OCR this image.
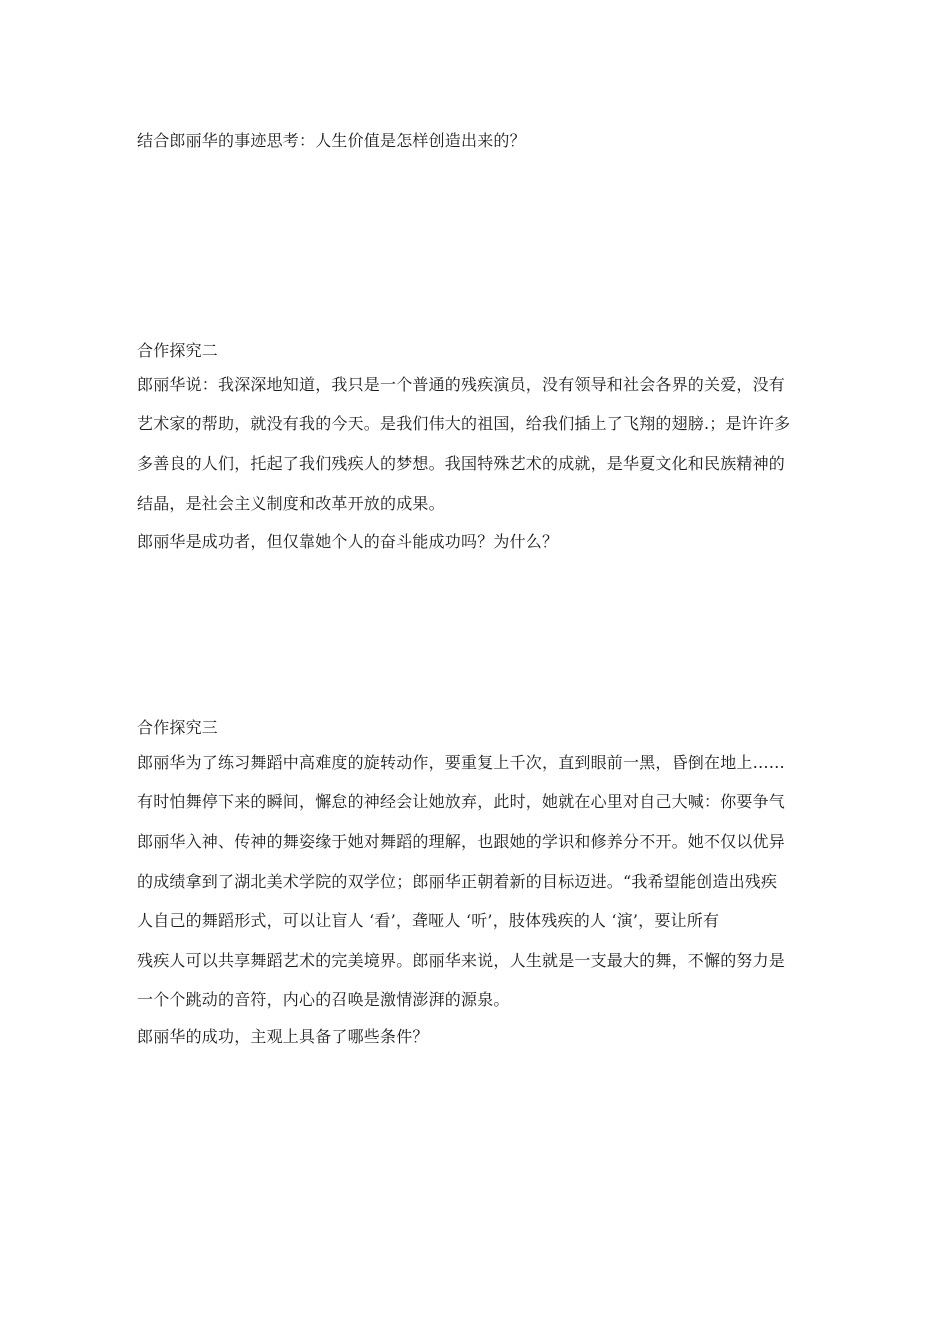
结合郎丽华的事迹思考：人生价值是怎样创造出来的？
合作探究二
郎丽华说：我深深地知道，我只是一个普通的残疾演员，没有领导和社会各界的关爱，没有
艺术家的帮助，就没有我的今天。是我们伟大的祖国，给我们插上了飞翔的翅膀.；是许许多
多善良的人们，托起了我们残疾人的梦想。我国特殊艺术的成就，是华夏文化和民族精神的
结晶，是社会主义制度和改革开放的成果。
郎丽华是成功者，但仅靠她个人的奋斗能成功吗？为什么？
合作探究三
郎丽华为了练习舞蹈中高难度的旋转动作，要重复上千次，直到眼前一黑，昏倒在地上……
有时怕舞停下来的瞬间，懈怠的神经会让她放弃，此时，她就在心里对自己大喊：你要争气
郎丽华入神、传神的舞姿缘于她对舞蹈的理解，也跟她的学识和修养分不开。她不仅以优异
的成绩拿到了湖北美术学院的双学位；郎丽华正朝着新的目标迈进。“我希望能创造出残疾
人自己的舞蹈形式，可以让盲人 ‘看’，聋哑人 ‘听’，肢体残疾的人 ‘演’，要让所有
残疾人可以共享舞蹈艺术的完美境界。郎丽华来说，人生就是一支最大的舞，不懈的努力是
一个个跳动的音符，内心的召唤是激情澎湃的源泉。
郎丽华的成功，主观上具备了哪些条件？
